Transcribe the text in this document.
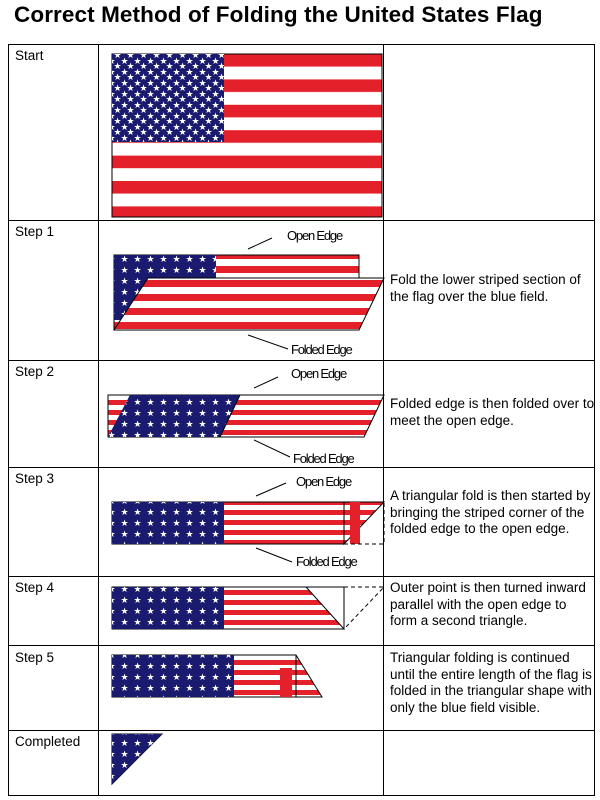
Correct Method of Folding the United States Flag
Start
Step 1
Step 2
Step 3
Step 4
Step 5
Completed
Fold the lower striped section of the flag over the blue field.
Folded edge is then folded over to meet the open edge.
A triangular fold is then started by bringing the striped corner of the folded edge to the open edge.
Outer point is then turned inward parallel with the open edge to form a second triangle.
Triangular folding is continued until the entire length of the flag is folded in the triangular shape with only the blue field visible.
Open Edge
Folded Edge
Open Edge
Folded Edge
Open Edge
Folded Edge
